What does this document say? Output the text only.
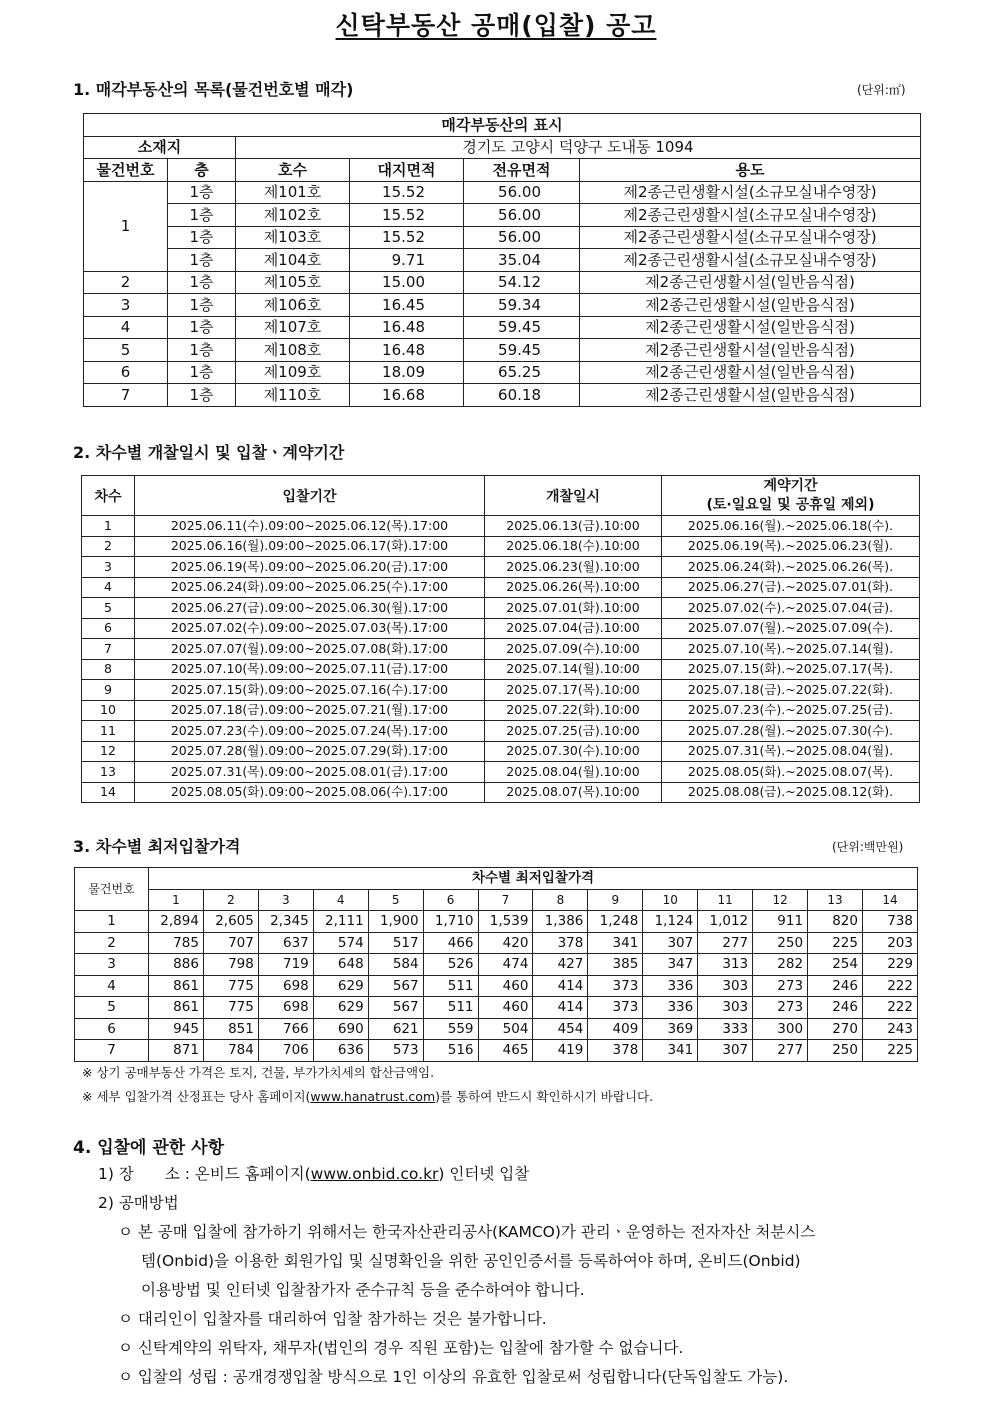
신탁부동산 공매(입찰) 공고
1. 매각부동산의 목록(물건번호별 매각)	(단위:㎡)
매각부동산의 표시					
소재지		경기도 고양시 덕양구 도내동 1094			
물건번호	층	호수	대지면적	전유면적	용도
1	1층	제101호	15.52	56.00	제2종근린생활시설(소규모실내수영장)
	1층	제102호	15.52	56.00	제2종근린생활시설(소규모실내수영장)
	1층	제103호	15.52	56.00	제2종근린생활시설(소규모실내수영장)
	1층	제104호	9.71	35.04	제2종근린생활시설(소규모실내수영장)
2	1층	제105호	15.00	54.12	제2종근린생활시설(일반음식점)
3	1층	제106호	16.45	59.34	제2종근린생활시설(일반음식점)
4	1층	제107호	16.48	59.45	제2종근린생활시설(일반음식점)
5	1층	제108호	16.48	59.45	제2종근린생활시설(일반음식점)
6	1층	제109호	18.09	65.25	제2종근린생활시설(일반음식점)
7	1층	제110호	16.68	60.18	제2종근린생활시설(일반음식점)
2. 차수별 개찰일시 및 입찰ㆍ계약기간
차수	입찰기간	개찰일시	계약기간
(토·일요일 및 공휴일 제외)

1	2025.06.11(수).09:00~2025.06.12(목).17:00	2025.06.13(금).10:00	2025.06.16(월).~2025.06.18(수).
2	2025.06.16(월).09:00~2025.06.17(화).17:00	2025.06.18(수).10:00	2025.06.19(목).~2025.06.23(월).
3	2025.06.19(목).09:00~2025.06.20(금).17:00	2025.06.23(월).10:00	2025.06.24(화).~2025.06.26(목).
4	2025.06.24(화).09:00~2025.06.25(수).17:00	2025.06.26(목).10:00	2025.06.27(금).~2025.07.01(화).
5	2025.06.27(금).09:00~2025.06.30(월).17:00	2025.07.01(화).10:00	2025.07.02(수).~2025.07.04(금).
6	2025.07.02(수).09:00~2025.07.03(목).17:00	2025.07.04(금).10:00	2025.07.07(월).~2025.07.09(수).
7	2025.07.07(월).09:00~2025.07.08(화).17:00	2025.07.09(수).10:00	2025.07.10(목).~2025.07.14(월).
8	2025.07.10(목).09:00~2025.07.11(금).17:00	2025.07.14(월).10:00	2025.07.15(화).~2025.07.17(목).
9	2025.07.15(화).09:00~2025.07.16(수).17:00	2025.07.17(목).10:00	2025.07.18(금).~2025.07.22(화).
10	2025.07.18(금).09:00~2025.07.21(월).17:00	2025.07.22(화).10:00	2025.07.23(수).~2025.07.25(금).
11	2025.07.23(수).09:00~2025.07.24(목).17:00	2025.07.25(금).10:00	2025.07.28(월).~2025.07.30(수).
12	2025.07.28(월).09:00~2025.07.29(화).17:00	2025.07.30(수).10:00	2025.07.31(목).~2025.08.04(월).
13	2025.07.31(목).09:00~2025.08.01(금).17:00	2025.08.04(월).10:00	2025.08.05(화).~2025.08.07(목).
14	2025.08.05(화).09:00~2025.08.06(수).17:00	2025.08.07(목).10:00	2025.08.08(금).~2025.08.12(화).
3. 차수별 최저입찰가격	(단위:백만원)
물건번호	차수별 최저입찰가격													
	1	2	3	4	5	6	7	8	9	10	11	12	13	14
1	2,894	2,605	2,345	2,111	1,900	1,710	1,539	1,386	1,248	1,124	1,012	911	820	738
2	785	707	637	574	517	466	420	378	341	307	277	250	225	203
3	886	798	719	648	584	526	474	427	385	347	313	282	254	229
4	861	775	698	629	567	511	460	414	373	336	303	273	246	222
5	861	775	698	629	567	511	460	414	373	336	303	273	246	222
6	945	851	766	690	621	559	504	454	409	369	333	300	270	243
7	871	784	706	636	573	516	465	419	378	341	307	277	250	225
※ 상기 공매부동산 가격은 토지, 건물, 부가가치세의 합산금액임.
※ 세부 입찰가격 산정표는 당사 홈페이지(www.hanatrust.com)를 통하여 반드시 확인하시기 바랍니다.
4. 입찰에 관한 사항
1) 장　　소 : 온비드 홈페이지(www.onbid.co.kr) 인터넷 입찰
2) 공매방법
ㅇ 본 공매 입찰에 참가하기 위해서는 한국자산관리공사(KAMCO)가 관리ㆍ운영하는 전자자산 처분시스
템(Onbid)을 이용한 회원가입 및 실명확인을 위한 공인인증서를 등록하여야 하며, 온비드(Onbid)
이용방법 및 인터넷 입찰참가자 준수규칙 등을 준수하여야 합니다.
ㅇ 대리인이 입찰자를 대리하여 입찰 참가하는 것은 불가합니다.
ㅇ 신탁계약의 위탁자, 채무자(법인의 경우 직원 포함)는 입찰에 참가할 수 없습니다.
ㅇ 입찰의 성립 : 공개경쟁입찰 방식으로 1인 이상의 유효한 입찰로써 성립합니다(단독입찰도 가능).
